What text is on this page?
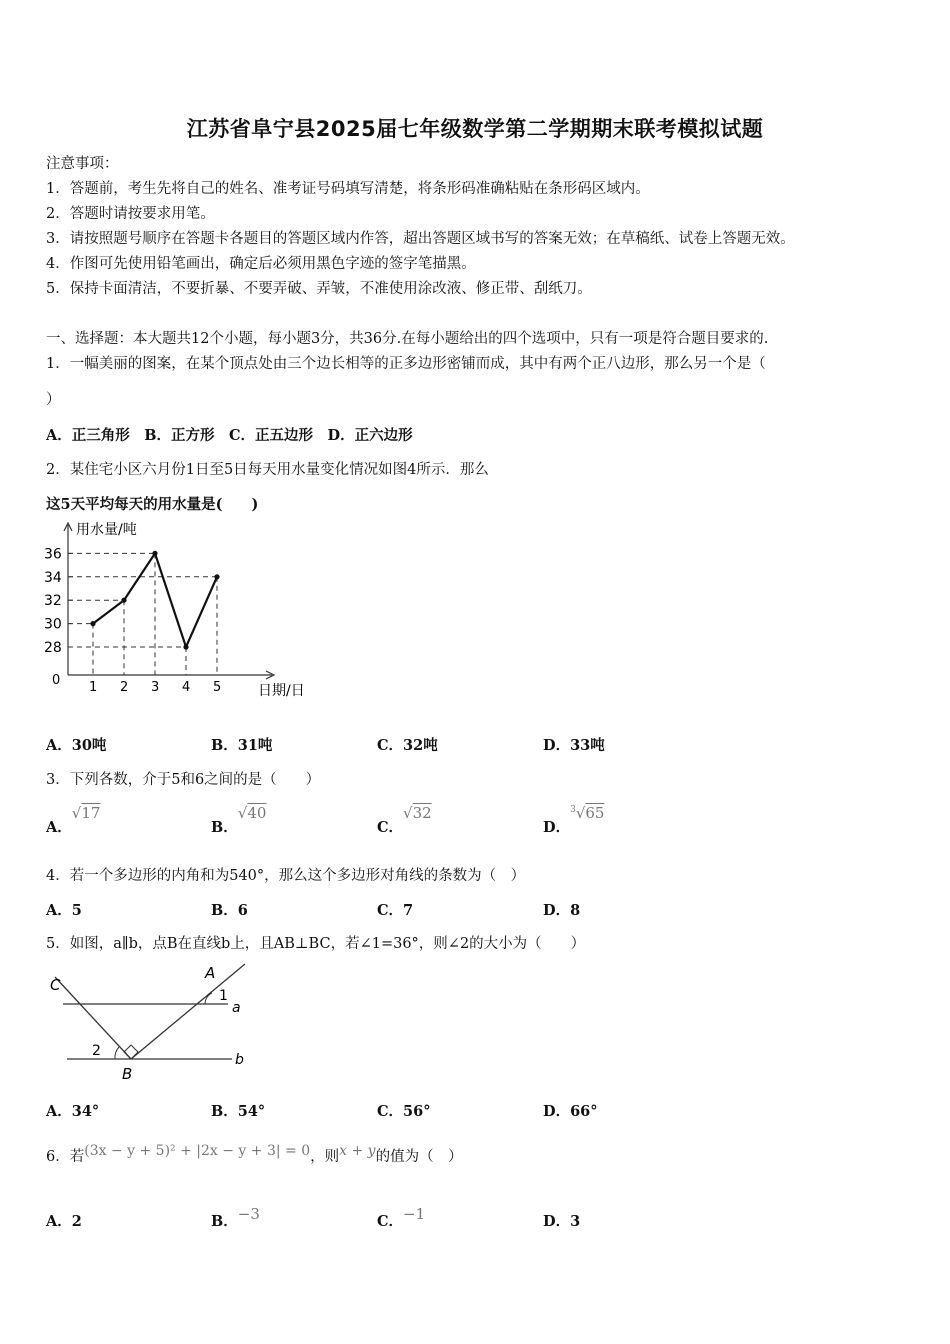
江苏省阜宁县2025届七年级数学第二学期期末联考模拟试题
注意事项：
1．答题前，考生先将自己的姓名、准考证号码填写清楚，将条形码准确粘贴在条形码区域内。
2．答题时请按要求用笔。
3．请按照题号顺序在答题卡各题目的答题区域内作答，超出答题区域书写的答案无效；在草稿纸、试卷上答题无效。
4．作图可先使用铅笔画出，确定后必须用黑色字迹的签字笔描黑。
5．保持卡面清洁，不要折暴、不要弄破、弄皱，不准使用涂改液、修正带、刮纸刀。
一、选择题：本大题共12个小题，每小题3分，共36分.在每小题给出的四个选项中，只有一项是符合题目要求的.
1．一幅美丽的图案，在某个顶点处由三个边长相等的正多边形密铺而成，其中有两个正八边形，那么另一个是（
）
A．正三角形　B．正方形　C．正五边形　D．正六边形
2．某住宅小区六月份1日至5日每天用水量变化情况如图4所示．那么
这5天平均每天的用水量是(　　)
36
34
32
30
28
1 2 3 4 5
用水量/吨
日期/日
0
A．30吨	B．31吨	C．32吨	D．33吨
3．下列各数，介于5和6之间的是（　　）
A．√17
B．√40
C．√32
D．$^3$√65
4．若一个多边形的内角和为540°，那么这个多边形对角线的条数为（　）
A．5	B．6	C．7	D．8
5．如图，a∥b，点B在直线b上，且AB⊥BC，若∠1=36°，则∠2的大小为（　　）
C
A
1
a
2
b
B
A．34°	B．54°	C．56°	D．66°
6．若(3x − y + 5)² + |2x − y + 3| = 0，则x + y的值为（　）
A．2	B．−3	C．−1	D．3
